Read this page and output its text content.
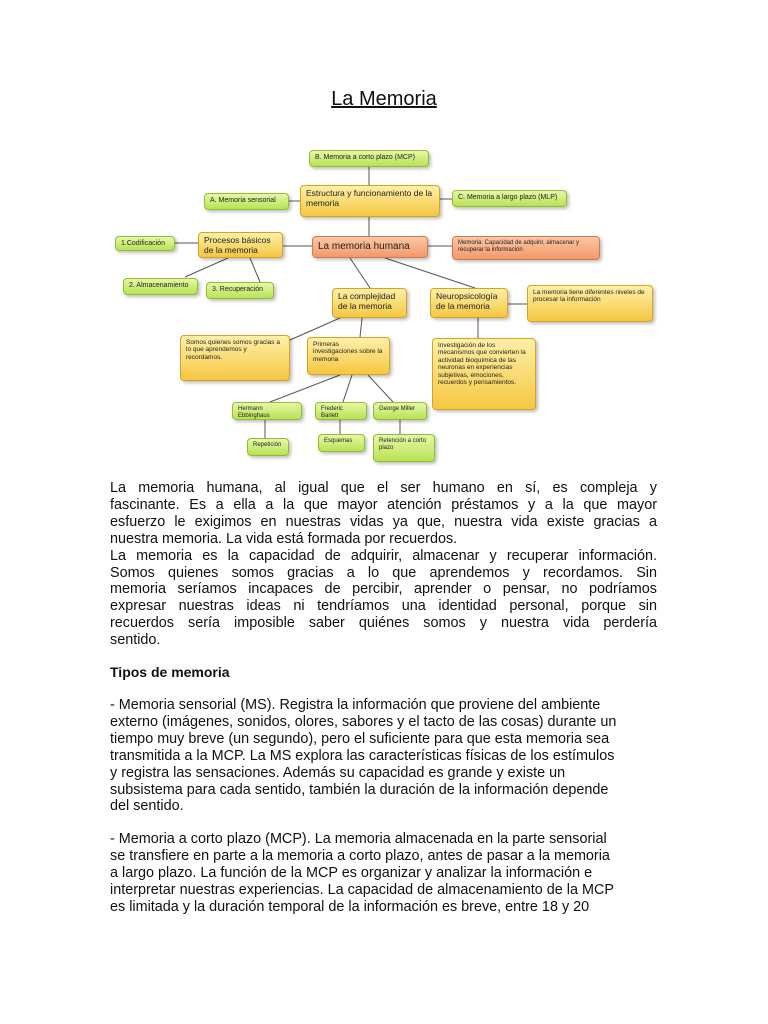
La Memoria
B. Memoria a corto plazo (MCP)
Estructura y funcionamiento de la memoria
A. Memoria sensorial	C. Memoria a largo plazo (MLP)
Procesos básicos de la memoria	La memoria humana	Memoria: Capacidad de adquirir, almacenar y recuperar la información
1.Codificación
2. Almacenamiento
3. Recuperación
La complejidad de la memoria
Neuropsicología de la memoria
La memoria tiene diferentes niveles de procesar la información
Somos quienes somos gracias a lo que aprendemos y recordamos.
Primeras investigaciones sobre la memoria
Investigación de los mecanismos que convierten la actividad bioquímica de las neuronas en experiencias subjetivas, emociones, recuerdos y pensamientos.
Hermann Ebbinghaus
Frederic Barlett
George Miller
Repetición
Esquemas	Retención a corto plazo
La memoria humana, al igual que el ser humano en sí, es compleja y
fascinante. Es a ella a la que mayor atención préstamos y a la que mayor
esfuerzo le exigimos en nuestras vidas ya que, nuestra vida existe gracias a
nuestra memoria. La vida está formada por recuerdos.
La memoria es la capacidad de adquirir, almacenar y recuperar información.
Somos quienes somos gracias a lo que aprendemos y recordamos. Sin
memoria seríamos incapaces de percibir, aprender o pensar, no podríamos
expresar nuestras ideas ni tendríamos una identidad personal, porque sin
recuerdos sería imposible saber quiénes somos y nuestra vida perdería
sentido.
Tipos de memoria
- Memoria sensorial (MS). Registra la información que proviene del ambiente
externo (imágenes, sonidos, olores, sabores y el tacto de las cosas) durante un
tiempo muy breve (un segundo), pero el suficiente para que esta memoria sea
transmitida a la MCP. La MS explora las características físicas de los estímulos
y registra las sensaciones. Además su capacidad es grande y existe un
subsistema para cada sentido, también la duración de la información depende
del sentido.
- Memoria a corto plazo (MCP). La memoria almacenada en la parte sensorial
se transfiere en parte a la memoria a corto plazo, antes de pasar a la memoria
a largo plazo. La función de la MCP es organizar y analizar la información e
interpretar nuestras experiencias. La capacidad de almacenamiento de la MCP
es limitada y la duración temporal de la información es breve, entre 18 y 20
